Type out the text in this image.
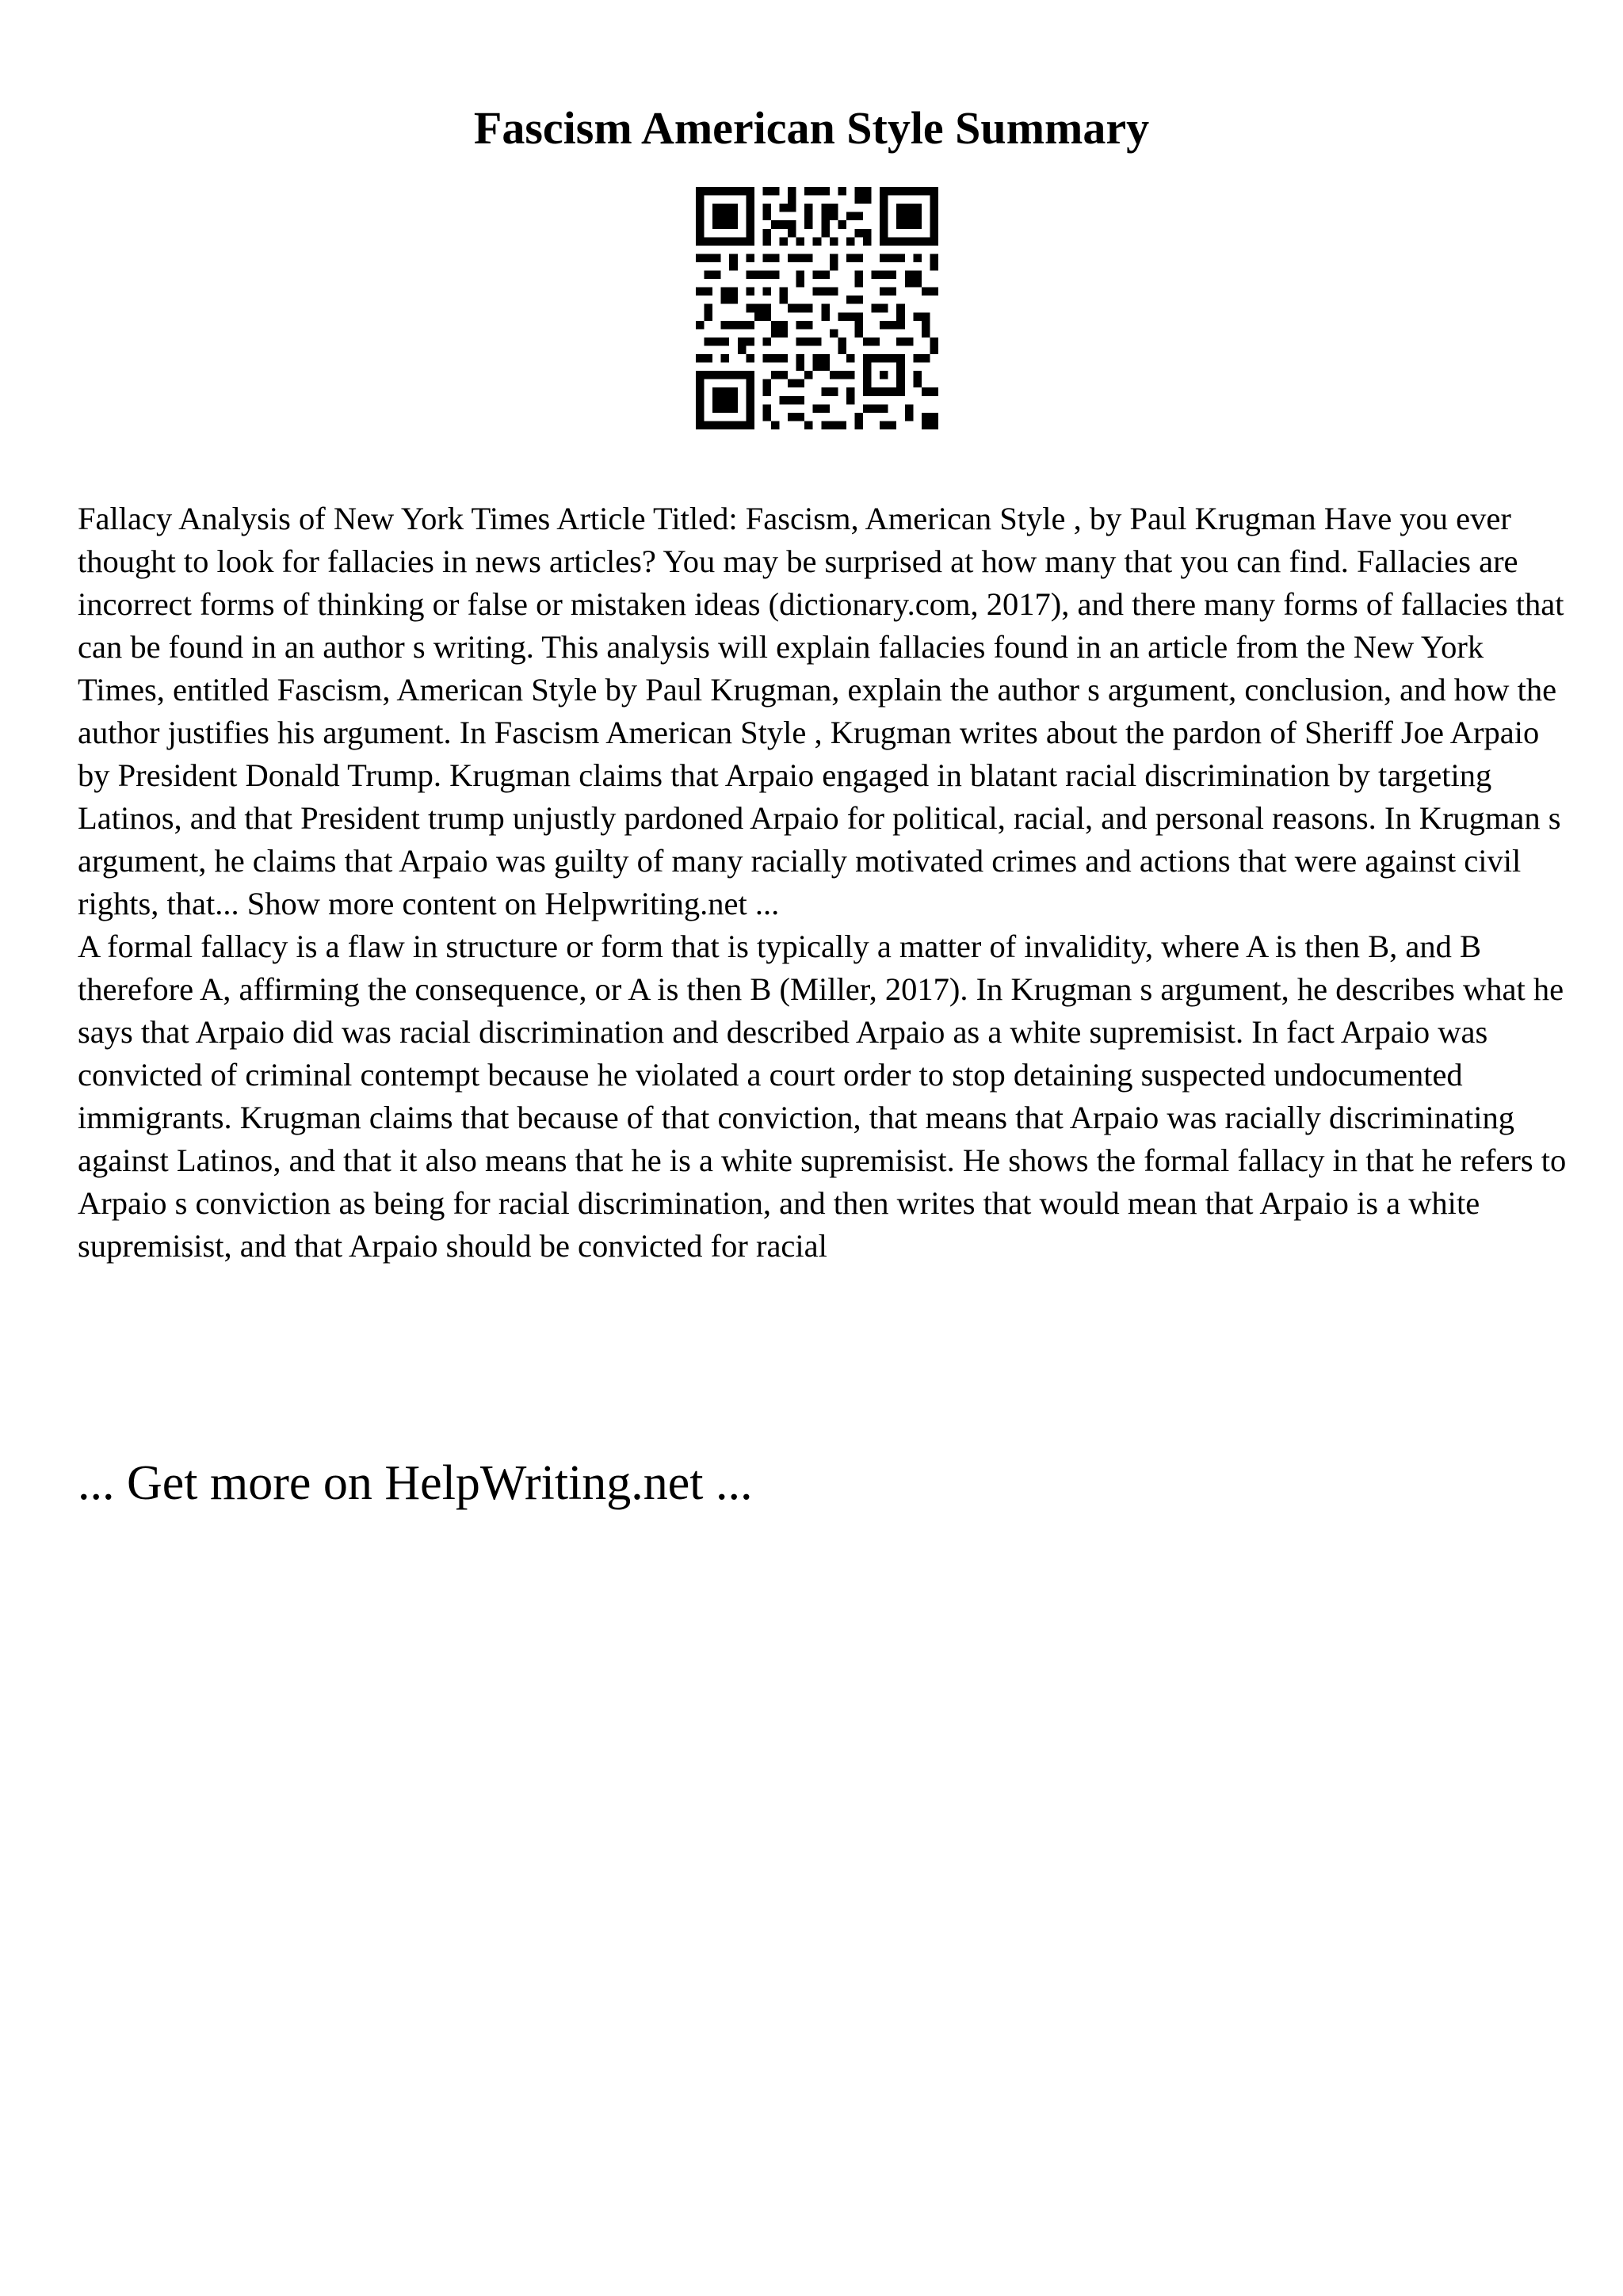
Fascism American Style Summary

Fallacy Analysis of New York Times Article Titled: Fascism, American Style , by Paul Krugman Have you ever thought to look for fallacies in news articles? You may be surprised at how many that you can find. Fallacies are incorrect forms of thinking or false or mistaken ideas (dictionary.com, 2017), and there many forms of fallacies that can be found in an author s writing. This analysis will explain fallacies found in an article from the New York Times, entitled Fascism, American Style by Paul Krugman, explain the author s argument, conclusion, and how the author justifies his argument. In Fascism American Style , Krugman writes about the pardon of Sheriff Joe Arpaio by President Donald Trump. Krugman claims that Arpaio engaged in blatant racial discrimination by targeting Latinos, and that President trump unjustly pardoned Arpaio for political, racial, and personal reasons. In Krugman s argument, he claims that Arpaio was guilty of many racially motivated crimes and actions that were against civil rights, that... Show more content on Helpwriting.net ...

A formal fallacy is a flaw in structure or form that is typically a matter of invalidity, where A is then B, and B therefore A, affirming the consequence, or A is then B (Miller, 2017). In Krugman s argument, he describes what he says that Arpaio did was racial discrimination and described Arpaio as a white supremisist. In fact Arpaio was convicted of criminal contempt because he violated a court order to stop detaining suspected undocumented immigrants. Krugman claims that because of that conviction, that means that Arpaio was racially discriminating against Latinos, and that it also means that he is a white supremisist. He shows the formal fallacy in that he refers to Arpaio s conviction as being for racial discrimination, and then writes that would mean that Arpaio is a white supremisist, and that Arpaio should be convicted for racial

... Get more on HelpWriting.net ...
